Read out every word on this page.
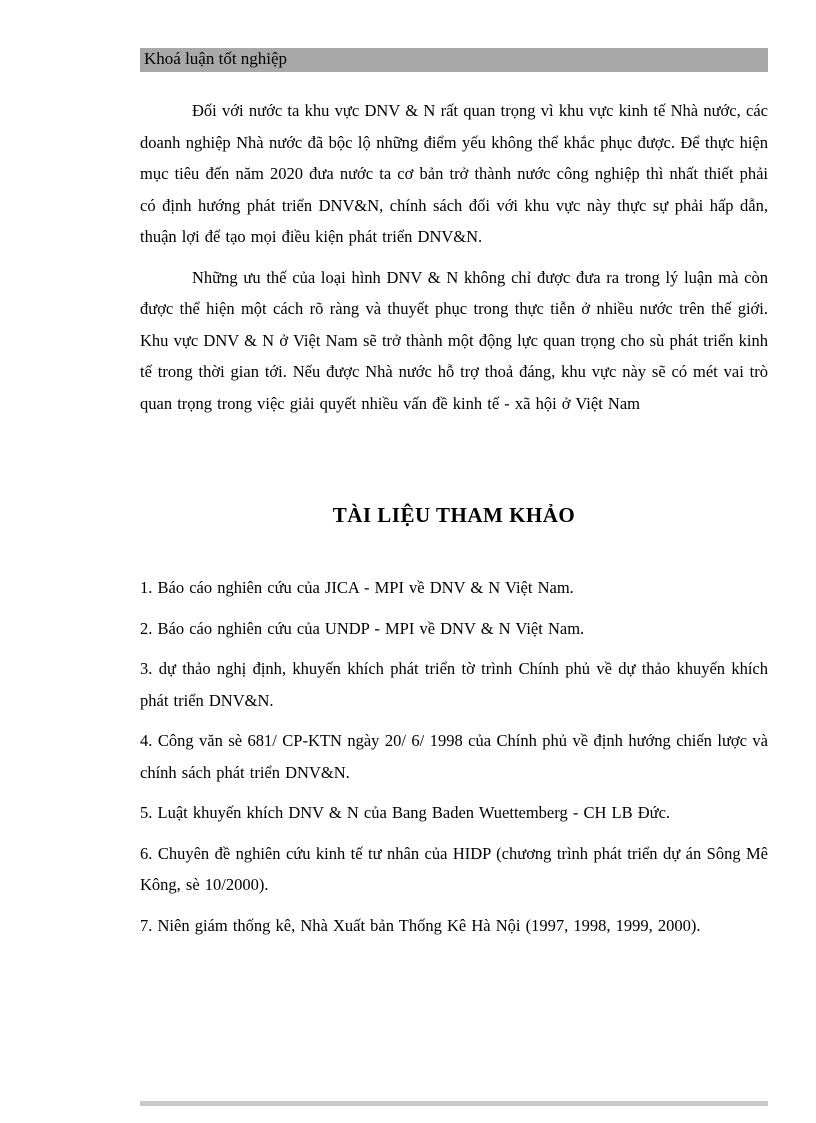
Khoá luận tốt nghiệp

Đối với nước ta khu vực DNV & N rất quan trọng vì khu vực kinh tế Nhà nước, các doanh nghiệp Nhà nước đã bộc lộ những điểm yếu không thể khắc phục được. Để thực hiện mục tiêu đến năm 2020 đưa nước ta cơ bản trở thành nước công nghiệp thì nhất thiết phải có định hướng phát triển DNV&N, chính sách đối với khu vực này thực sự phải hấp dẫn, thuận lợi để tạo mọi điều kiện phát triển DNV&N.

Những ưu thế của loại hình DNV & N không chỉ được đưa ra trong lý luận mà còn được thể hiện một cách rõ ràng và thuyết phục trong thực tiễn ở nhiều nước trên thế giới. Khu vực DNV & N ở Việt Nam sẽ trở thành một động lực quan trọng cho sù phát triển kinh tế trong thời gian tới. Nếu được Nhà nước hỗ trợ thoả đáng, khu vực này sẽ có mét vai trò quan trọng trong việc giải quyết nhiều vấn đề kinh tế - xã hội ở Việt Nam

TÀI LIỆU THAM KHẢO

1. Báo cáo nghiên cứu của JICA - MPI về DNV & N Việt Nam.

2. Báo cáo nghiên cứu của UNDP - MPI về DNV & N Việt Nam.

3. dự thảo nghị định, khuyến khích phát triển tờ trình Chính phủ về dự thảo khuyến khích phát triển DNV&N.

4. Công văn sè 681/ CP-KTN ngày 20/ 6/ 1998 của Chính phủ về định hướng chiến lược và chính sách phát triển DNV&N.

5. Luật khuyến khích DNV & N của Bang Baden Wuettemberg - CH LB Đức.

6. Chuyên đề nghiên cứu kinh tế tư nhân của HIDP (chương trình phát triển dự án Sông Mê Kông, sè 10/2000).

7. Niên giám thống kê, Nhà Xuất bản Thống Kê Hà Nội (1997, 1998, 1999, 2000).
